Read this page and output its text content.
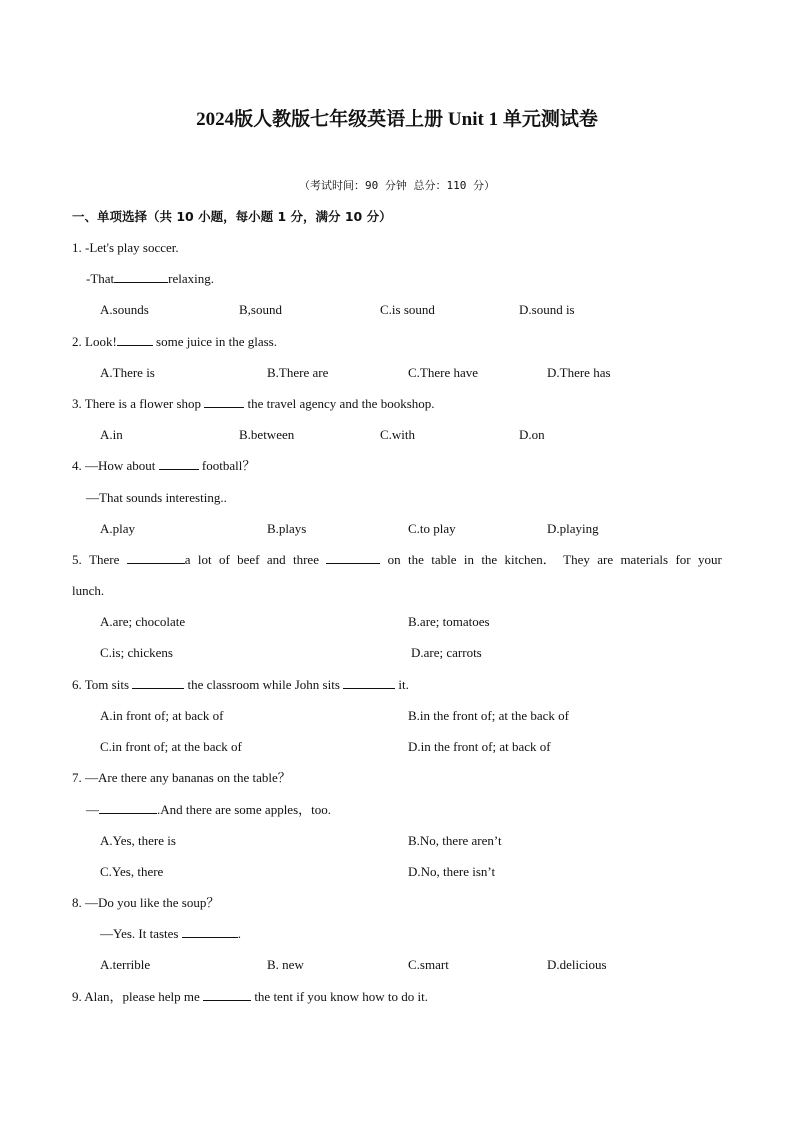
2024版人教版七年级英语上册 Unit 1 单元测试卷
（考试时间：90 分钟 总分：110 分）
一、单项选择（共 10 小题，每小题 1 分，满分 10 分）
1. -Let's play soccer.
-That	relaxing.
A.sounds	B,sound	C.is sound	D.sound is
2. Look!	some juice in the glass.
A.There is	B.There are	C.There have	D.There has
3. There is a flower shop	the travel agency and the bookshop.
A.in	B.between	C.with	D.on
4. —How about	football？
—That sounds interesting..
A.play	B.plays	C.to play	D.playing
5. There	a lot of beef and three	on the table in the kitchen． They are materials for your
lunch.
A.are; chocolate	B.are; tomatoes
C.is; chickens	D.are; carrots
6. Tom sits	the classroom while John sits	it.
A.in front of; at back of	B.in the front of; at the back of
C.in front of; at the back of	D.in the front of; at back of
7. —Are there any bananas on the table？
—	.And there are some apples，too.
A.Yes, there is	B.No, there aren’t
C.Yes, there	D.No, there isn’t
8. —Do you like the soup？
—Yes. It tastes	.
A.terrible	B. new	C.smart	D.delicious
9. Alan，please help me	the tent if you know how to do it.
